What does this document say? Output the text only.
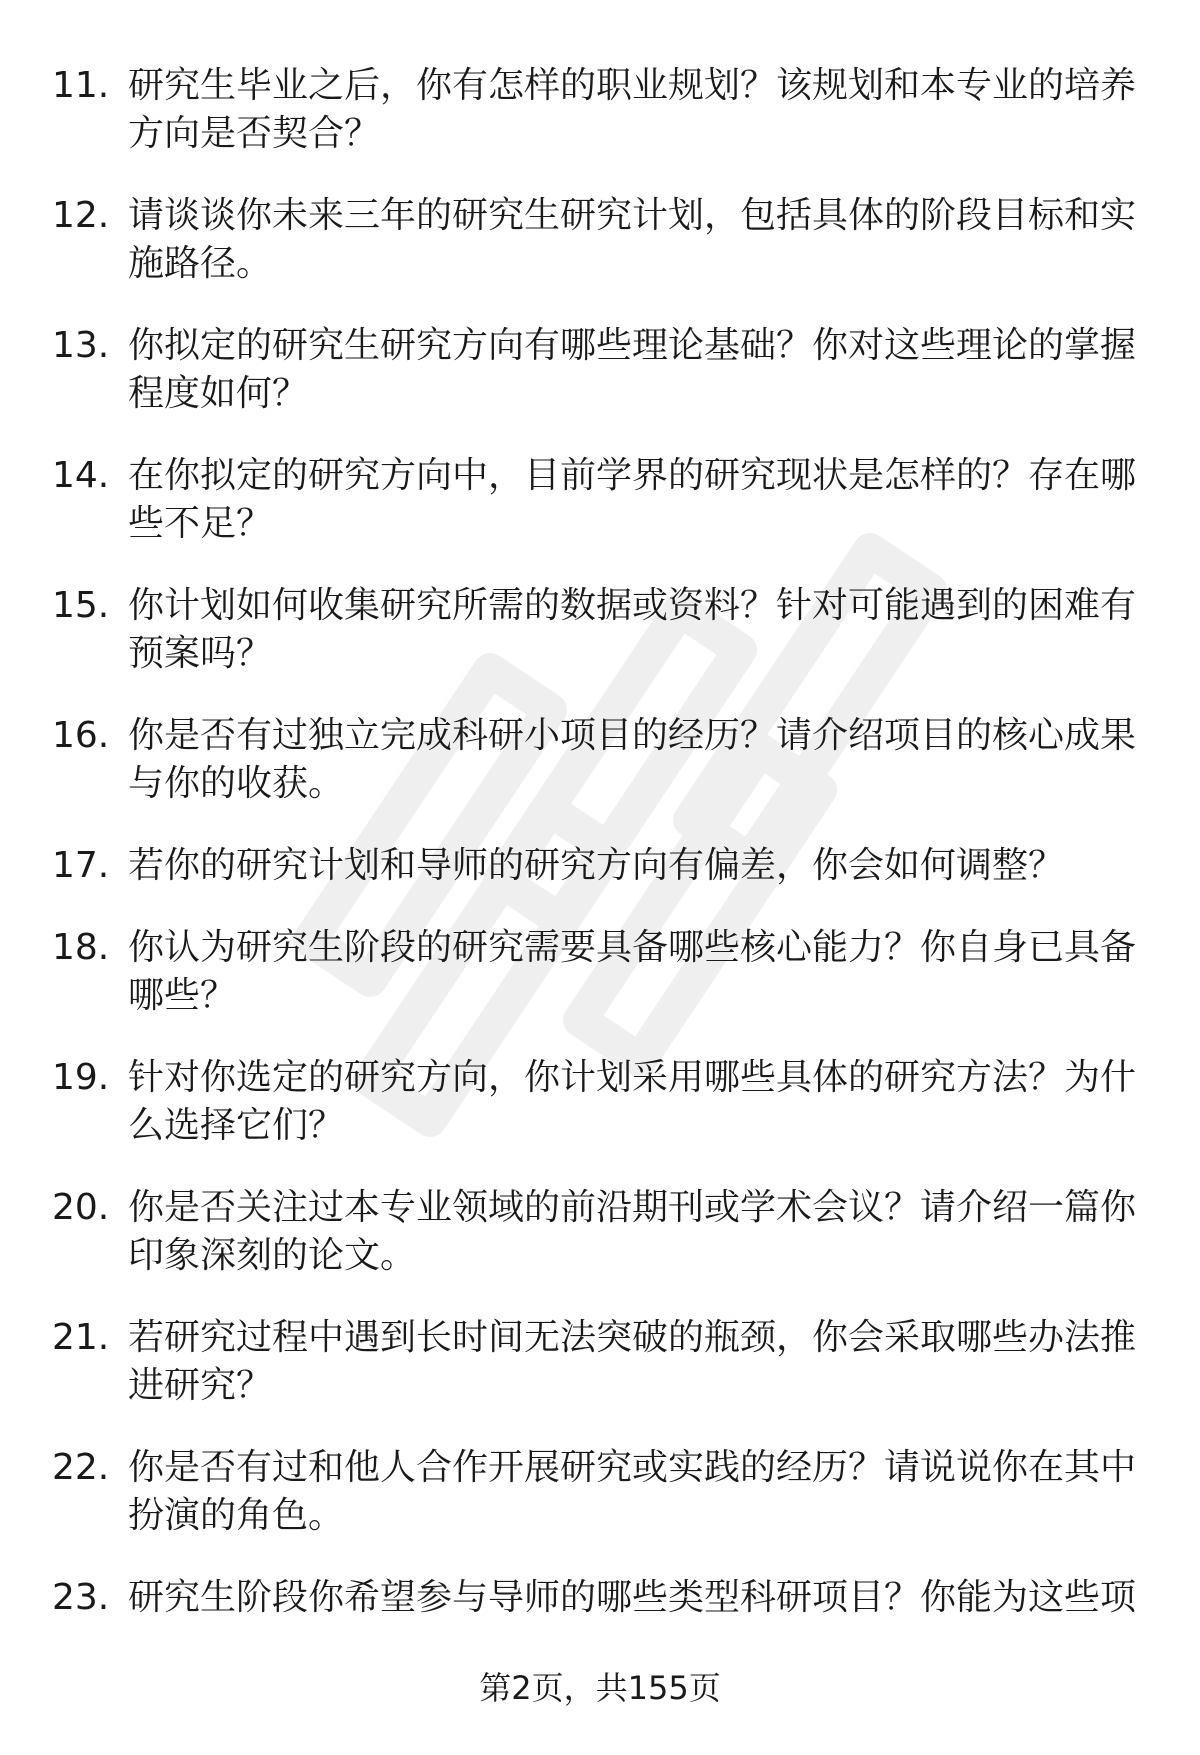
11. 研究生毕业之后，你有怎样的职业规划？该规划和本专业的培养方向是否契合？
12. 请谈谈你未来三年的研究生研究计划，包括具体的阶段目标和实施路径。
13. 你拟定的研究生研究方向有哪些理论基础？你对这些理论的掌握程度如何？
14. 在你拟定的研究方向中，目前学界的研究现状是怎样的？存在哪些不足？
15. 你计划如何收集研究所需的数据或资料？针对可能遇到的困难有预案吗？
16. 你是否有过独立完成科研小项目的经历？请介绍项目的核心成果与你的收获。
17. 若你的研究计划和导师的研究方向有偏差，你会如何调整？
18. 你认为研究生阶段的研究需要具备哪些核心能力？你自身已具备哪些？
19. 针对你选定的研究方向，你计划采用哪些具体的研究方法？为什么选择它们？
20. 你是否关注过本专业领域的前沿期刊或学术会议？请介绍一篇你印象深刻的论文。
21. 若研究过程中遇到长时间无法突破的瓶颈，你会采取哪些办法推进研究？
22. 你是否有过和他人合作开展研究或实践的经历？请说说你在其中扮演的角色。
23. 研究生阶段你希望参与导师的哪些类型科研项目？你能为这些项
第2页，共155页
